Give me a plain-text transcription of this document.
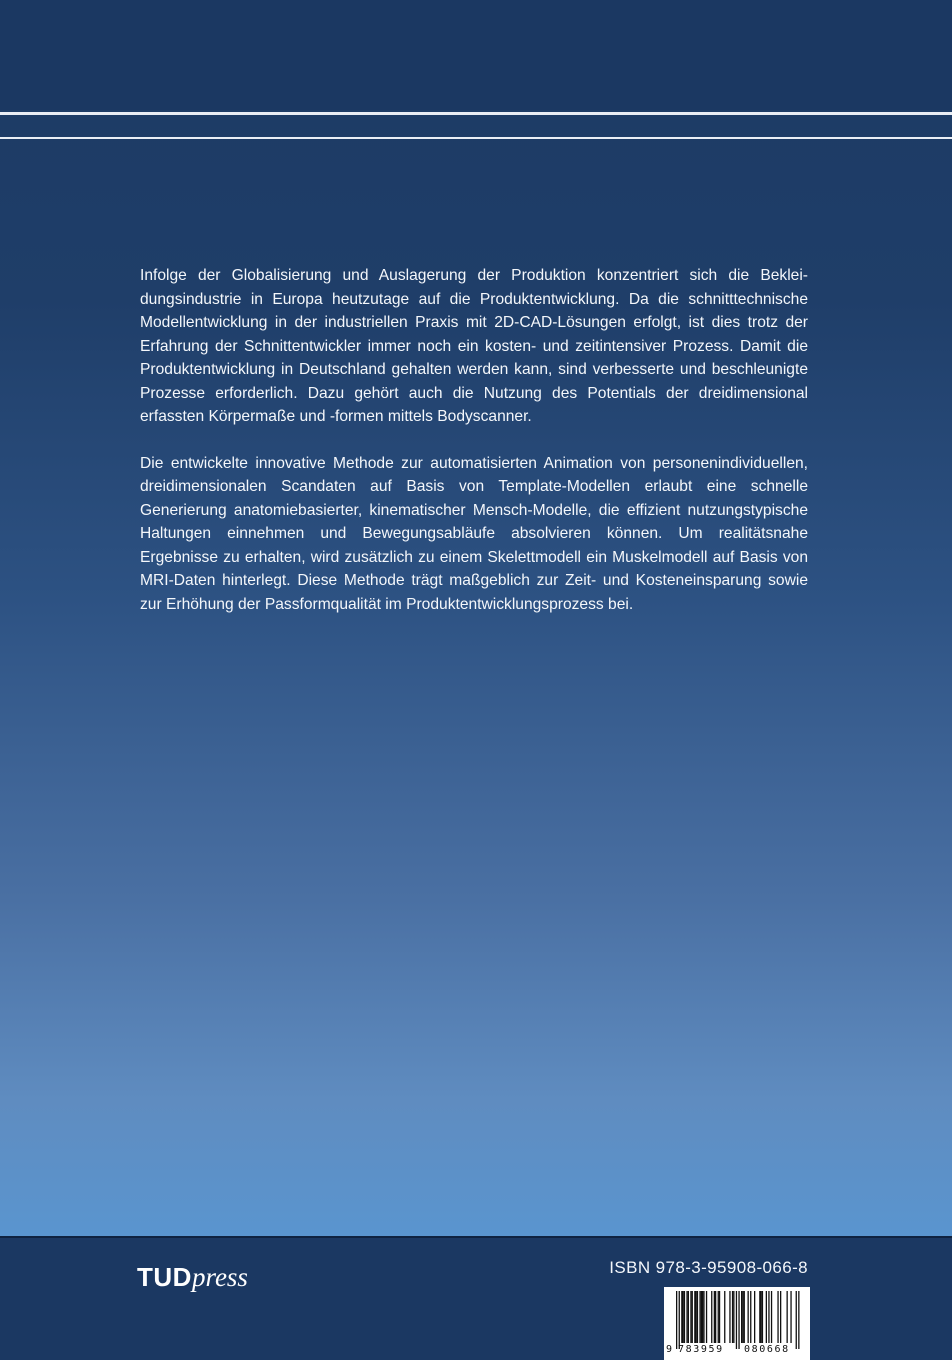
Infolge der Globalisierung und Auslagerung der Produktion konzentriert sich die Bekleidungsindustrie in Europa heutzutage auf die Produktentwicklung. Da die schnitttechnische Modellentwicklung in der industriellen Praxis mit 2D-CAD-Lösungen erfolgt, ist dies trotz der Erfahrung der Schnittentwickler immer noch ein kosten- und zeitintensiver Prozess. Damit die Produktentwicklung in Deutschland gehalten werden kann, sind verbesserte und beschleunigte Prozesse erforderlich. Dazu gehört auch die Nutzung des Potentials der dreidimensional erfassten Körpermaße und -formen mittels Bodyscanner.

Die entwickelte innovative Methode zur automatisierten Animation von personenindividuellen, dreidimensionalen Scandaten auf Basis von Template-Modellen erlaubt eine schnelle Generierung anatomiebasierter, kinematischer Mensch-Modelle, die effizient nutzungstypische Haltungen einnehmen und Bewegungsabläufe absolvieren können. Um realitätsnahe Ergebnisse zu erhalten, wird zusätzlich zu einem Skelettmodell ein Muskelmodell auf Basis von MRI-Daten hinterlegt. Diese Methode trägt maßgeblich zur Zeit- und Kosteneinsparung sowie zur Erhöhung der Passformqualität im Produktentwicklungsprozess bei.

TUDpress	ISBN 978-3-95908-066-8
9 783959 080668
